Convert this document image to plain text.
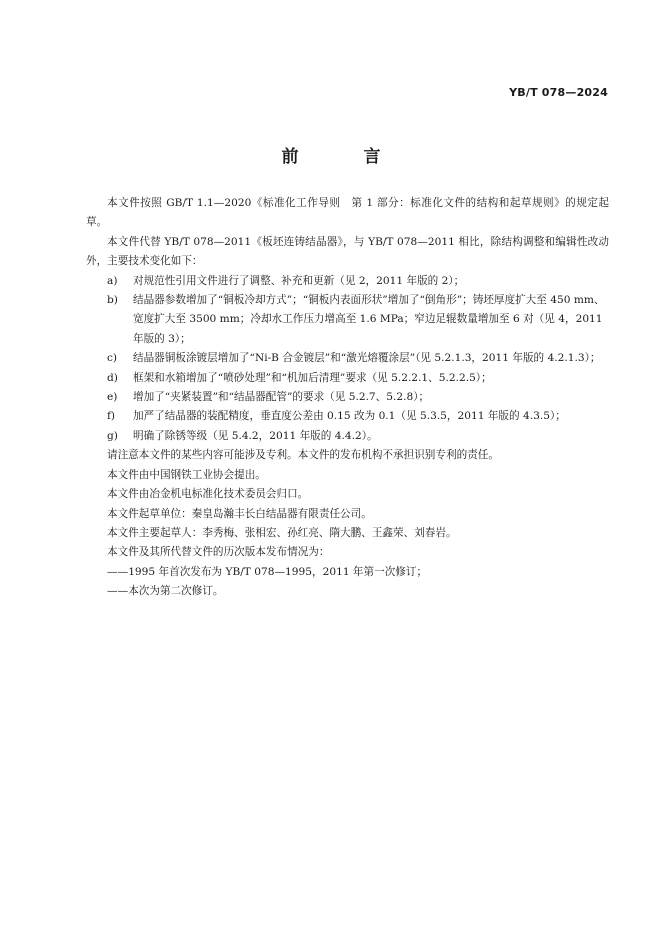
YB/T 078—2024
前　言

本文件按照 GB/T 1.1—2020《标准化工作导则　第 1 部分：标准化文件的结构和起草规则》的规定起草。

本文件代替 YB/T 078—2011《板坯连铸结晶器》，与 YB/T 078—2011 相比，除结构调整和编辑性改动外，主要技术变化如下：

a) 对规范性引用文件进行了调整、补充和更新（见 2，2011 年版的 2）；
b) 结晶器参数增加了“铜板冷却方式”；“铜板内表面形状”增加了“倒角形”；铸坯厚度扩大至 450 mm、宽度扩大至 3500 mm；冷却水工作压力增高至 1.6 MPa；窄边足辊数量增加至 6 对（见 4，2011 年版的 3）；
c) 结晶器铜板涂镀层增加了“Ni-B 合金镀层”和“激光熔覆涂层”（见 5.2.1.3，2011 年版的 4.2.1.3）；
d) 框架和水箱增加了“喷砂处理”和“机加后清理”要求（见 5.2.2.1、5.2.2.5）；
e) 增加了“夹紧装置”和“结晶器配管”的要求（见 5.2.7、5.2.8）；
f) 加严了结晶器的装配精度，垂直度公差由 0.15 改为 0.1（见 5.3.5，2011 年版的 4.3.5）；
g) 明确了除锈等级（见 5.4.2，2011 年版的 4.4.2）。

请注意本文件的某些内容可能涉及专利。本文件的发布机构不承担识别专利的责任。

本文件由中国钢铁工业协会提出。

本文件由冶金机电标准化技术委员会归口。

本文件起草单位：秦皇岛瀚丰长白结晶器有限责任公司。

本文件主要起草人：李秀梅、张相宏、孙红亮、隋大鹏、王鑫荣、刘春岩。

本文件及其所代替文件的历次版本发布情况为：

——1995 年首次发布为 YB/T 078—1995，2011 年第一次修订；

——本次为第二次修订。
